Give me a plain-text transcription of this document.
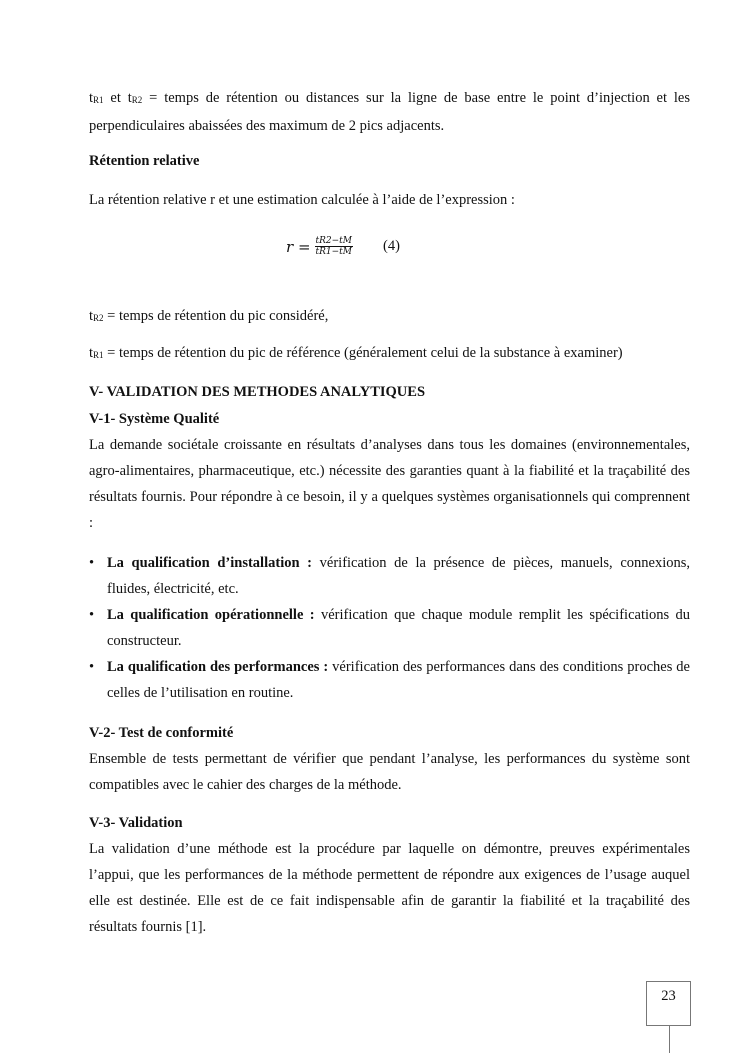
$t_{R1}$ et $t_{R2}$ = temps de rétention ou distances sur la ligne de base entre le point d’injection et les perpendiculaires abaissées des maximum de 2 pics adjacents.
Rétention relative
La rétention relative r et une estimation calculée à l’aide de l’expression :
$r = \frac{tR2-tM}{tR1-tM} (4)$
$t_{R2}$ = temps de rétention du pic considéré,
$t_{R1}$ = temps de rétention du pic de référence (généralement celui de la substance à examiner)
V- VALIDATION DES METHODES ANALYTIQUES
V-1- Système Qualité
La demande sociétale croissante en résultats d’analyses dans tous les domaines (environnementales, agro-alimentaires, pharmaceutique, etc.) nécessite des garanties quant à la fiabilité et la traçabilité des résultats fournis. Pour répondre à ce besoin, il y a quelques systèmes organisationnels qui comprennent :
• La qualification d’installation : vérification de la présence de pièces, manuels, connexions, fluides, électricité, etc.
• La qualification opérationnelle : vérification que chaque module remplit les spécifications du constructeur.
• La qualification des performances : vérification des performances dans des conditions proches de celles de l’utilisation en routine.
V-2- Test de conformité
Ensemble de tests permettant de vérifier que pendant l’analyse, les performances du système sont compatibles avec le cahier des charges de la méthode.
V-3- Validation
La validation d’une méthode est la procédure par laquelle on démontre, preuves expérimentales l’appui, que les performances de la méthode permettent de répondre aux exigences de l’usage auquel elle est destinée. Elle est de ce fait indispensable afin de garantir la fiabilité et la traçabilité des résultats fournis [1].
23
